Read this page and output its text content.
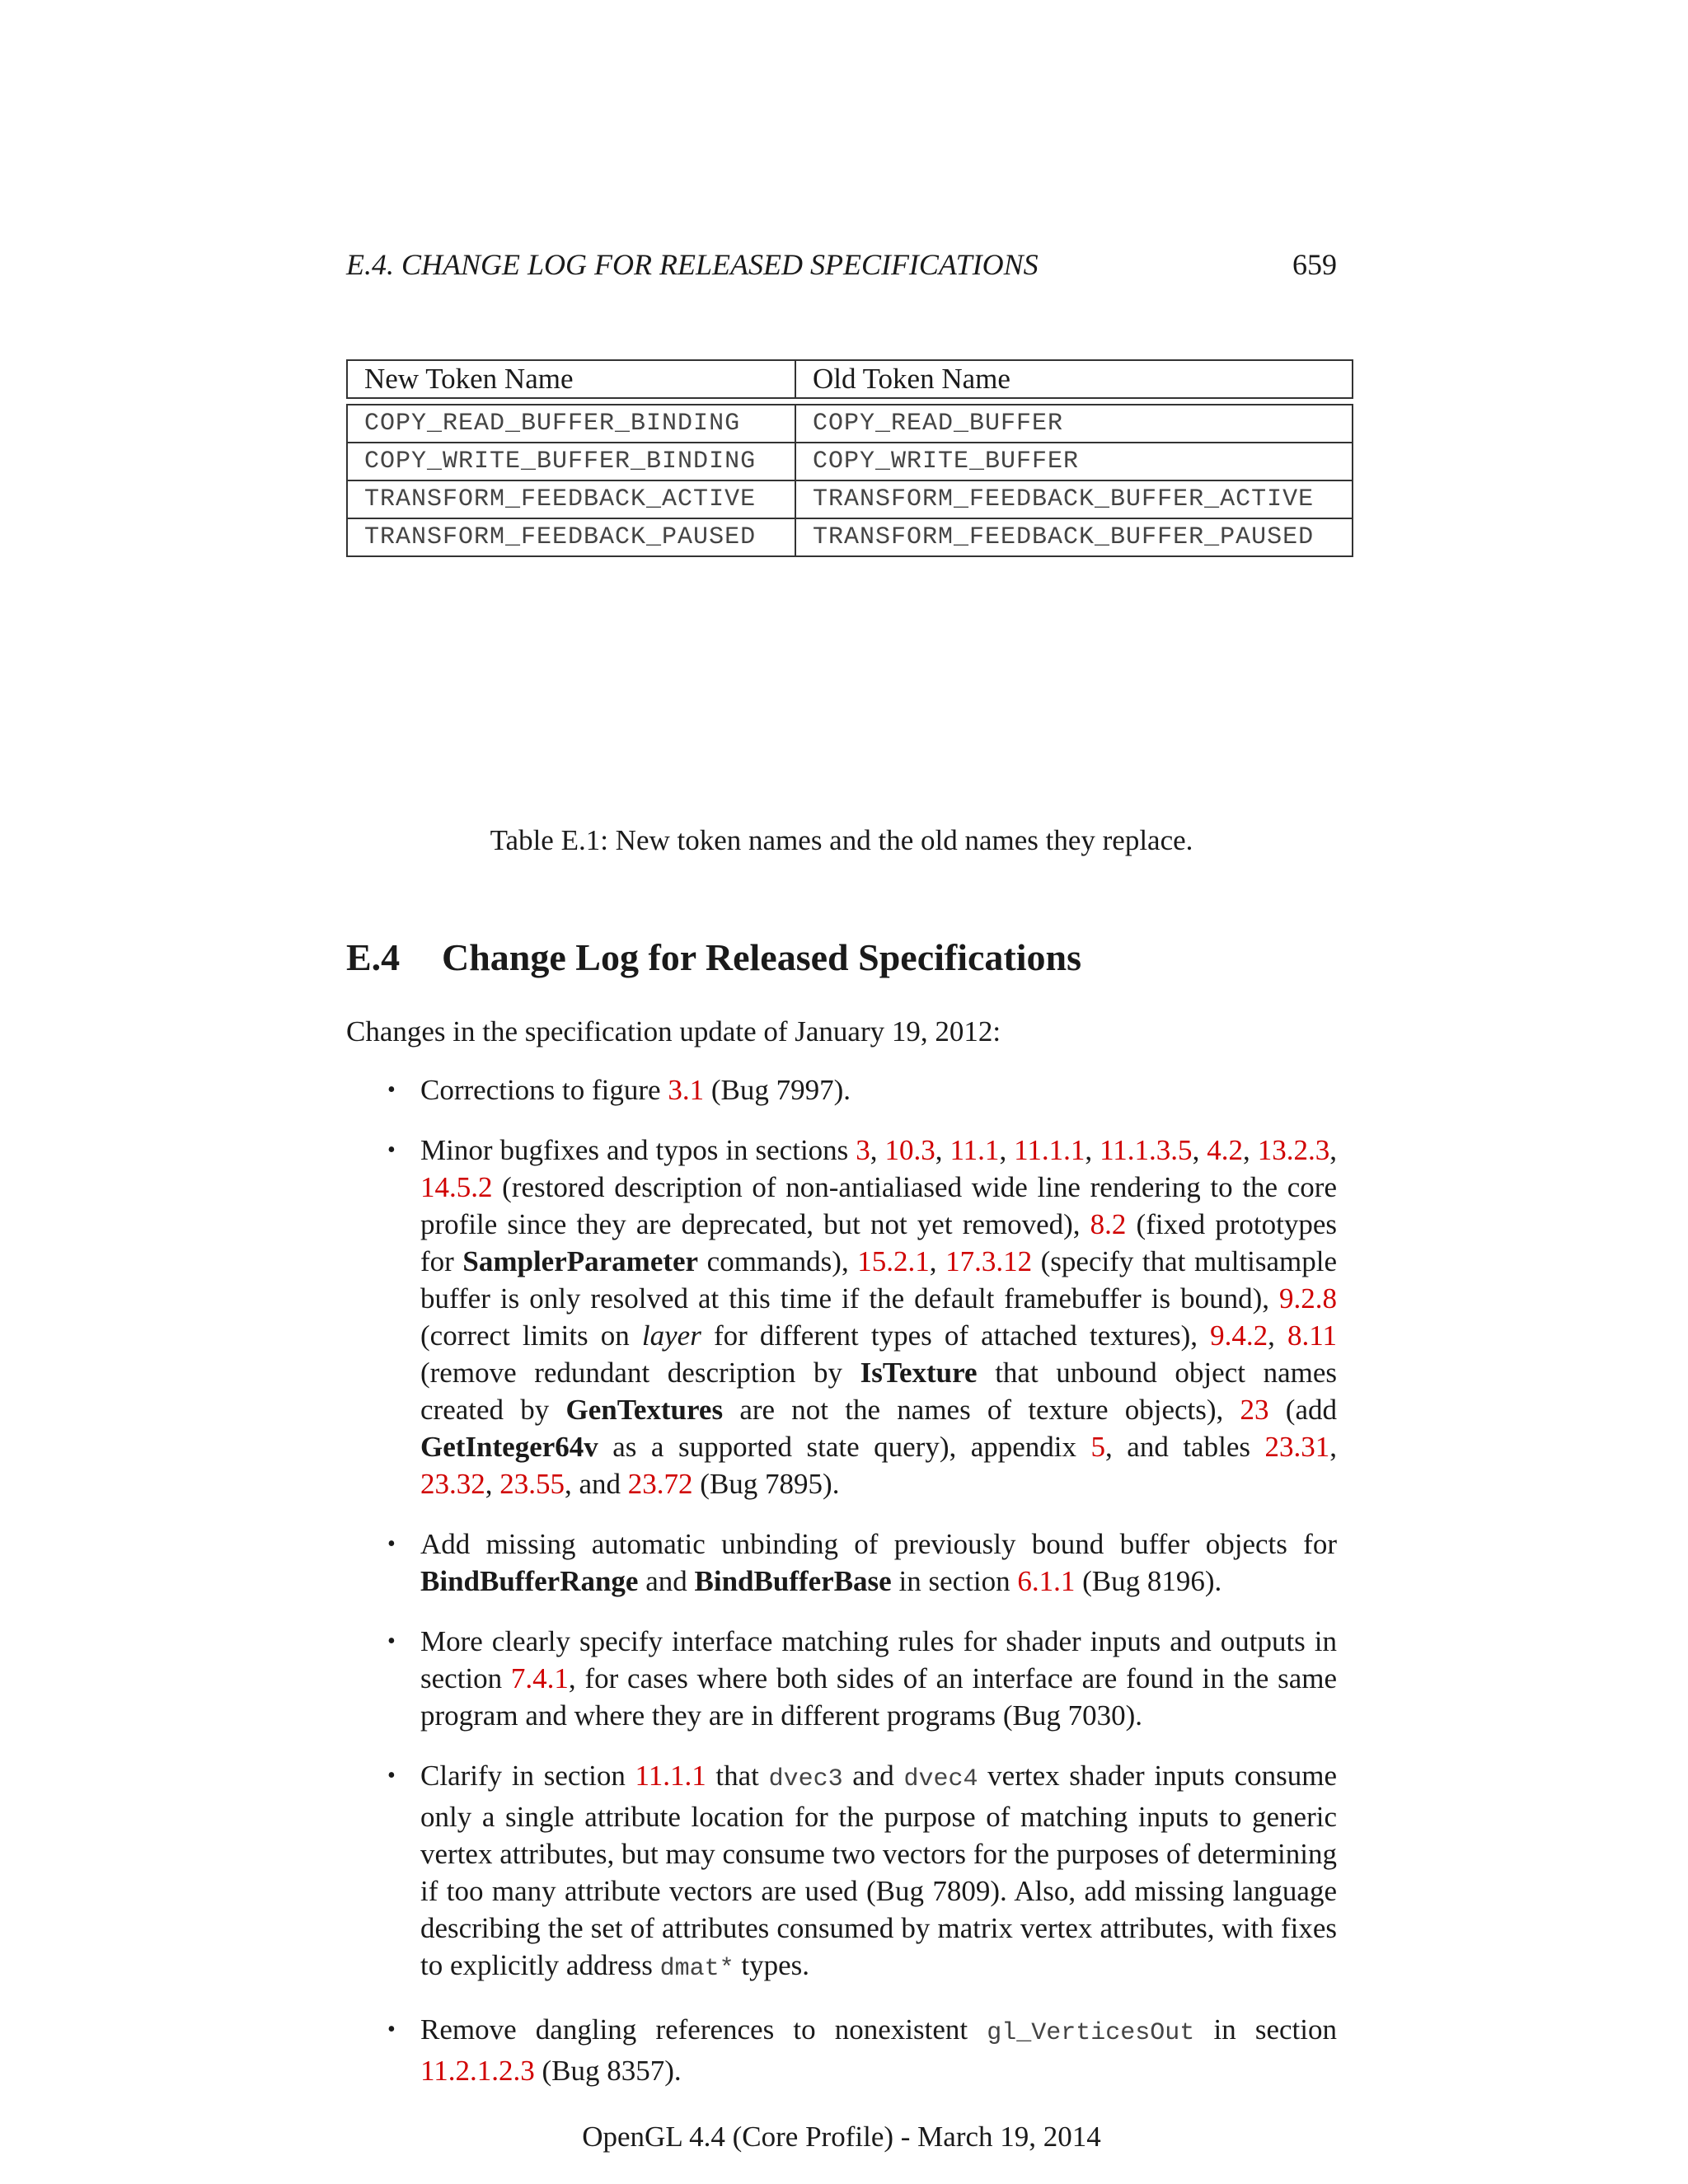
E.4. CHANGE LOG FOR RELEASED SPECIFICATIONS	659
New Token Name	Old Token Name

COPY_READ_BUFFER_BINDING	COPY_READ_BUFFER
COPY_WRITE_BUFFER_BINDING	COPY_WRITE_BUFFER
TRANSFORM_FEEDBACK_ACTIVE	TRANSFORM_FEEDBACK_BUFFER_ACTIVE
TRANSFORM_FEEDBACK_PAUSED	TRANSFORM_FEEDBACK_BUFFER_PAUSED
Table E.1: New token names and the old names they replace.
E.4 Change Log for Released Specifications

Changes in the specification update of January 19, 2012:

• Corrections to figure 3.1 (Bug 7997).
• Minor bugfixes and typos in sections 3, 10.3, 11.1, 11.1.1, 11.1.3.5, 4.2, 13.2.3, 14.5.2 (restored description of non-antialiased wide line rendering to the core profile since they are deprecated, but not yet removed), 8.2 (fixed prototypes for SamplerParameter commands), 15.2.1, 17.3.12 (specify that multisample buffer is only resolved at this time if the default framebuffer is bound), 9.2.8 (correct limits on layer for different types of attached textures), 9.4.2, 8.11 (remove redundant description by IsTexture that unbound object names created by GenTextures are not the names of texture objects), 23 (add GetInteger64v as a supported state query), appendix 5, and tables 23.31, 23.32, 23.55, and 23.72 (Bug 7895).
• Add missing automatic unbinding of previously bound buffer objects for BindBufferRange and BindBufferBase in section 6.1.1 (Bug 8196).
• More clearly specify interface matching rules for shader inputs and outputs in section 7.4.1, for cases where both sides of an interface are found in the same program and where they are in different programs (Bug 7030).
• Clarify in section 11.1.1 that dvec3 and dvec4 vertex shader inputs consume only a single attribute location for the purpose of matching inputs to generic vertex attributes, but may consume two vectors for the purposes of determining if too many attribute vectors are used (Bug 7809). Also, add missing language describing the set of attributes consumed by matrix vertex attributes, with fixes to explicitly address dmat* types.
• Remove dangling references to nonexistent gl_VerticesOut in section 11.2.1.2.3 (Bug 8357).
OpenGL 4.4 (Core Profile) - March 19, 2014
